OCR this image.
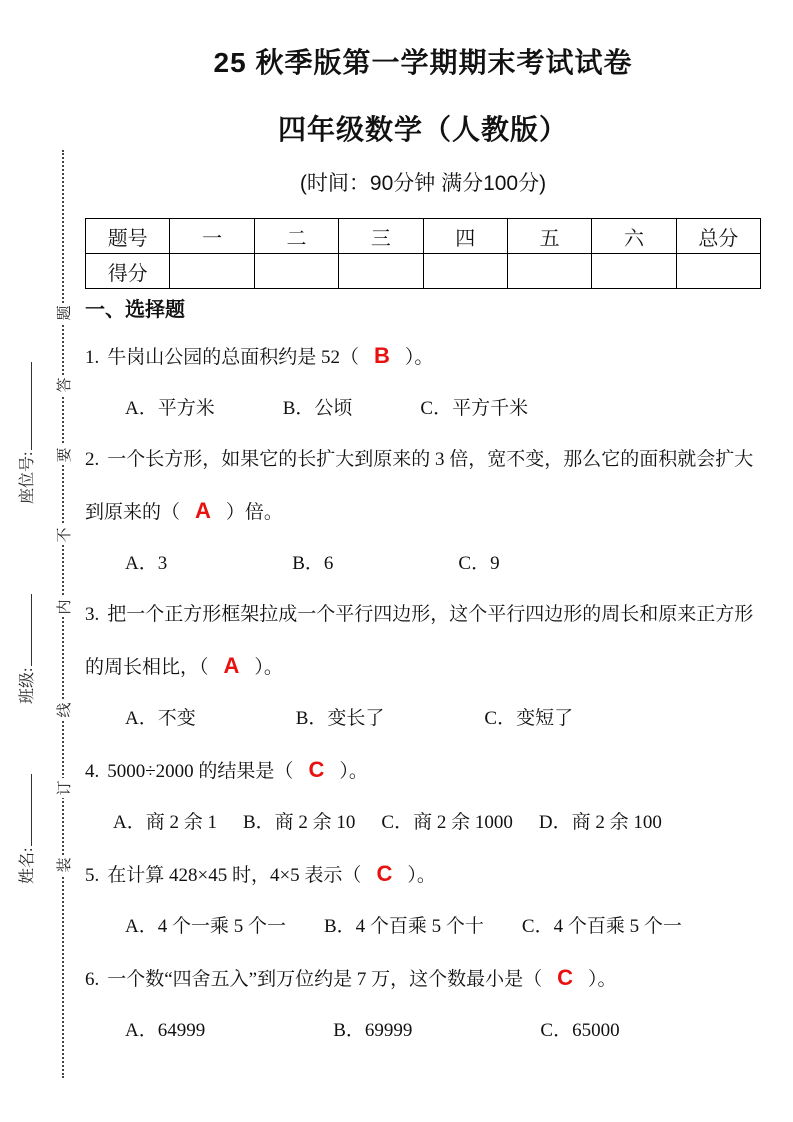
装
订
线
内
不
要
答
题
姓名:
班级:
座位号:
25 秋季版第一学期期末考试试卷
四年级数学（人教版）
(时间：90分钟 满分100分)
题号	一	二	三	四	五	六	总分
得分							
一、选择题

1. 牛岗山公园的总面积约是 52（ B ）。

A．平方米	B．公顷	C．平方千米

2. 一个长方形，如果它的长扩大到原来的 3 倍，宽不变，那么它的面积就会扩大到原来的（ A ）倍。

A．3	B．6	C．9

3. 把一个正方形框架拉成一个平行四边形，这个平行四边形的周长和原来正方形的周长相比，（ A ）。

A．不变	B．变长了	C．变短了

4. 5000÷2000 的结果是（ C ）。

A．商 2 余 1 B．商 2 余 10 C．商 2 余 1000 D．商 2 余 100

5. 在计算 428×45 时，4×5 表示（ C ）。

A．4 个一乘 5 个一 B．4 个百乘 5 个十 C．4 个百乘 5 个一

6. 一个数“四舍五入”到万位约是 7 万，这个数最小是（ C ）。

A．64999	B．69999	C．65000
